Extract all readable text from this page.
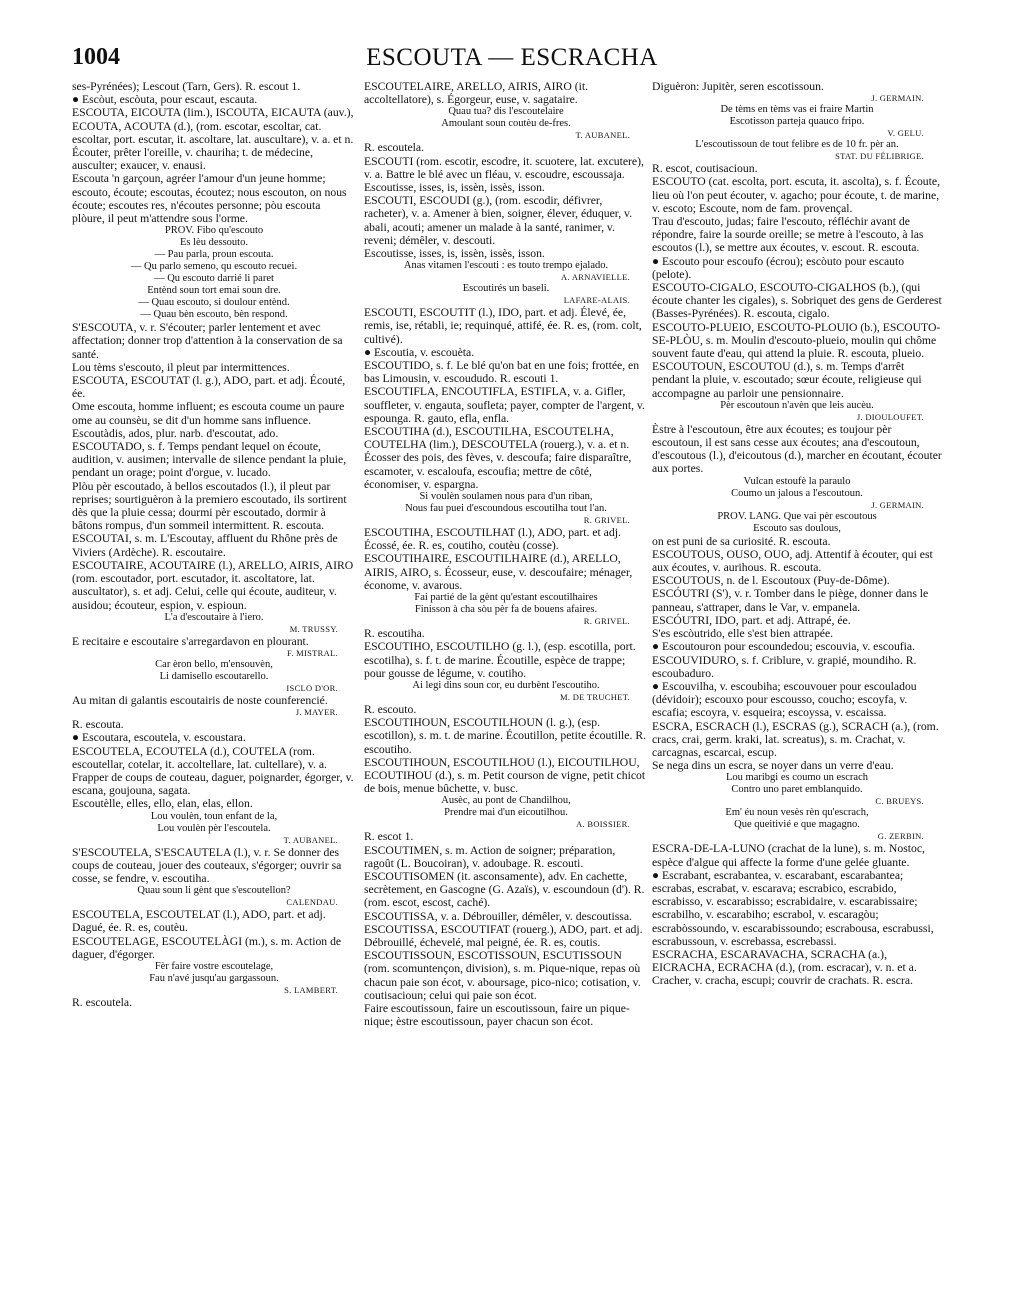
1004	ESCOUTA — ESCRACHA

ses-Pyrénées); Lescout (Tarn, Gers). R. escout 1.

● Escòut, escòuta, pour escaut, escauta.

ESCOUTA, EICOUTA (lim.), ISCOUTA, EICAUTA (auv.), ECOUTA, ACOUTA (d.), (rom. escotar, escoltar, cat. escoltar, port. escutar, it. ascoltare, lat. auscultare), v. a. et n. Écouter, prêter l'oreille, v. chauriha; t. de médecine, ausculter; exaucer, v. enausi.

Escouta 'n garçoun, agréer l'amour d'un jeune homme; escouto, écoute; escoutas, écoutez; nous escouton, on nous écoute; escoutes res, n'écoutes personne; pòu escouta plòure, il peut m'attendre sous l'orme.

PROV. Fibo qu'escouto

Es lèu dessouto.

— Pau parla, proun escouta.

— Qu parlo semeno, qu escouto recuei.

— Qu escouto darrié li paret

Entènd soun tort emai soun dre.

— Quau escouto, si doulour entènd.

— Quau bèn escouto, bèn respond.

S'ESCOUTA, v. r. S'écouter; parler lentement et avec affectation; donner trop d'attention à la conservation de sa santé.

Lou tèms s'escouto, il pleut par intermittences.

ESCOUTA, ESCOUTAT (l. g.), ADO, part. et adj. Écouté, ée.

Ome escouta, homme influent; es escouta coume un paure ome au counsèu, se dit d'un homme sans influence.

Escoutàdis, ados, plur. narb. d'escoutat, ado.

ESCOUTADO, s. f. Temps pendant lequel on écoute, audition, v. ausimen; intervalle de silence pendant la pluie, pendant un orage; point d'orgue, v. lucado.

Plòu pèr escoutado, à bellos escoutados (l.), il pleut par reprises; sourtiguèron à la premiero escoutado, ils sortirent dès que la pluie cessa; dourmi pèr escoutado, dormir à bâtons rompus, d'un sommeil intermittent. R. escouta.

ESCOUTAI, s. m. L'Escoutay, affluent du Rhône près de Viviers (Ardèche). R. escoutaire.

ESCOUTAIRE, ACOUTAIRE (l.), ARELLO, AIRIS, AIRO (rom. escoutador, port. escutador, it. ascoltatore, lat. auscultator), s. et adj. Celui, celle qui écoute, auditeur, v. ausidou; écouteur, espion, v. espioun.

L'a d'escoutaire à l'iero.

M. TRUSSY.

E recitaire e escoutaire s'arregardavon en plourant.

F. MISTRAL.

Car èron bello, m'ensouvèn,

Li damisello escoutarello.

ISCLO D'OR.

Au mitan di galantis escoutairis de noste counferencié.

J. MAYER.

R. escouta.

● Escoutara, escoutela, v. escoustara.

ESCOUTELA, ECOUTELA (d.), COUTELA (rom. escoutellar, cotelar, it. accoltellare, lat. cultellare), v. a. Frapper de coups de couteau, daguer, poignarder, égorger, v. escana, goujouna, sagata.

Escoutèlle, elles, ello, elan, elas, ellon.

Lou voulèn, toun enfant de la,

Lou voulèn pèr l'escoutela.

T. AUBANEL.

S'ESCOUTELA, S'ESCAUTELA (l.), v. r. Se donner des coups de couteau, jouer des couteaux, s'égorger; ouvrir sa cosse, se fendre, v. escoutiha.

Quau soun li gènt que s'escoutellon?

CALENDAU.

ESCOUTELA, ESCOUTELAT (l.), ADO, part. et adj. Dagué, ée. R. es, coutèu.

ESCOUTELAGE, ESCOUTELÀGI (m.), s. m. Action de daguer, d'égorger.

Fèr faire vostre escoutelage,

Fau n'avé jusqu'au gargassoun.

S. LAMBERT.

R. escoutela.

ESCOUTELAIRE, ARELLO, AIRIS, AIRO (it. accoltellatore), s. Égorgeur, euse, v. sagataire.

Quau tua? dis l'escoutelaire

Amoulant soun coutèu de-fres.

T. AUBANEL.

R. escoutela.

ESCOUTI (rom. escotir, escodre, it. scuotere, lat. excutere), v. a. Battre le blé avec un fléau, v. escoudre, escoussaja.

Escoutisse, isses, is, issèn, issès, isson.

ESCOUTI, ESCOUDI (g.), (rom. escodir, défivrer, racheter), v. a. Amener à bien, soigner, élever, éduquer, v. abali, acouti; amener un malade à la santé, ranimer, v. reveni; démêler, v. descouti.

Escoutisse, isses, is, issèn, issès, isson.

Anas vitamen l'escouti : es touto trempo ejalado.

A. ARNAVIELLE.

Escoutirés un baseli.

LAFARE-ALAIS.

ESCOUTI, ESCOUTIT (l.), IDO, part. et adj. Élevé, ée, remis, ise, rétabli, ie; requinqué, attifé, ée. R. es, (rom. colt, cultivé).

● Escoutia, v. escouèta.

ESCOUTIDO, s. f. Le blé qu'on bat en une fois; frottée, en bas Limousin, v. escoududo. R. escouti 1.

ESCOUTIFLA, ENCOUTIFLA, ESTIFLA, v. a. Gifler, souffleter, v. engauta, soufleta; payer, compter de l'argent, v. espounga. R. gauto, efla, enfla.

ESCOUTIHA (d.), ESCOUTILHA, ESCOUTELHA, COUTELHA (lim.), DESCOUTELA (rouerg.), v. a. et n. Écosser des pois, des fèves, v. descoufa; faire disparaître, escamoter, v. escaloufa, escoufia; mettre de côté, économiser, v. espargna.

Si voulèn soulamen nous para d'un riban,

Nous fau puei d'escoundous escoutilha tout l'an.

R. GRIVEL.

ESCOUTIHA, ESCOUTILHAT (l.), ADO, part. et adj. Écossé, ée. R. es, coutiho, coutèu (cosse).

ESCOUTIHAIRE, ESCOUTILHAIRE (d.), ARELLO, AIRIS, AIRO, s. Écosseur, euse, v. descoufaire; ménager, économe, v. avarous.

Fai partié de la gènt qu'estant escoutilhaires

Finisson à cha sòu pèr fa de bouens afaires.

R. GRIVEL.

R. escoutiha.

ESCOUTIHO, ESCOUTILHO (g. l.), (esp. escotilla, port. escotilha), s. f. t. de marine. Écoutille, espèce de trappe; pour gousse de légume, v. coutiho.

Ai legi dins soun cor, eu durbènt l'escoutiho.

M. DE TRUCHET.

R. escouto.

ESCOUTIHOUN, ESCOUTILHOUN (l. g.), (esp. escotillon), s. m. t. de marine. Écoutillon, petite écoutille. R. escoutiho.

ESCOUTIHOUN, ESCOUTILHOU (l.), EICOUTILHOU, ECOUTIHOU (d.), s. m. Petit courson de vigne, petit chicot de bois, menue bûchette, v. busc.

Ausèc, au pont de Chandilhou,

Prendre mai d'un eicoutilhou.

A. BOISSIER.

R. escot 1.

ESCOUTIMEN, s. m. Action de soigner; préparation, ragoût (L. Boucoiran), v. adoubage. R. escouti.

ESCOUTISOMEN (it. asconsamente), adv. En cachette, secrètement, en Gascogne (G. Azaïs), v. escoundoun (d'). R. (rom. escot, escost, caché).

ESCOUTISSA, v. a. Débrouiller, démêler, v. descoutissa.

ESCOUTISSA, ESCOUTIFAT (rouerg.), ADO, part. et adj. Débrouillé, échevelé, mal peigné, ée. R. es, coutis.

ESCOUTISSOUN, ESCOTISSOUN, ESCUTISSOUN (rom. scomuntençon, division), s. m. Pique-nique, repas où chacun paie son écot, v. aboursage, pico-nico; cotisation, v. coutisacioun; celui qui paie son écot.

Faire escoutissoun, faire un escoutissoun, faire un pique-nique; èstre escoutissoun, payer chacun son écot.

Diguèron: Jupitèr, seren escotissoun.

J. GERMAIN.

De tèms en tèms vas ei fraire Martin

Escotisson parteja quauco fripo.

V. GELU.

L'escoutissoun de tout felibre es de 10 fr. pèr an.

STAT. DU FÉLIBRIGE.

R. escot, coutisacioun.

ESCOUTO (cat. escolta, port. escuta, it. ascolta), s. f. Écoute, lieu où l'on peut écouter, v. agacho; pour écoute, t. de marine, v. escoto; Escoute, nom de fam. provençal.

Trau d'escouto, judas; faire l'escouto, réfléchir avant de répondre, faire la sourde oreille; se metre à l'escouto, à las escoutos (l.), se mettre aux écoutes, v. escout. R. escouta.

● Escouto pour escoufo (écrou); escòuto pour escauto (pelote).

ESCOUTO-CIGALO, ESCOUTO-CIGALHOS (b.), (qui écoute chanter les cigales), s. Sobriquet des gens de Gerderest (Basses-Pyrénées). R. escouta, cigalo.

ESCOUTO-PLUEIO, ESCOUTO-PLOUIO (b.), ESCOUTO-SE-PLÒU, s. m. Moulin d'escouto-plueio, moulin qui chôme souvent faute d'eau, qui attend la pluie. R. escouta, plueio.

ESCOUTOUN, ESCOUTOU (d.), s. m. Temps d'arrêt pendant la pluie, v. escoutado; sœur écoute, religieuse qui accompagne au parloir une pensionnaire.

Pèr escoutoun n'avèn que leis aucèu.

J. DIOULOUFET.

Èstre à l'escoutoun, être aux écoutes; es toujour pèr escoutoun, il est sans cesse aux écoutes; ana d'escoutoun, d'escoutous (l.), d'eicoutous (d.), marcher en écoutant, écouter aux portes.

Vulcan estoufè la paraulo

Coumo un jalous a l'escoutoun.

J. GERMAIN.

PROV. LANG. Que vai pèr escoutous

Escouto sas doulous,

on est puni de sa curiosité. R. escouta.

ESCOUTOUS, OUSO, OUO, adj. Attentif à écouter, qui est aux écoutes, v. aurihous. R. escouta.

ESCOUTOUS, n. de l. Escoutoux (Puy-de-Dôme).

ESCÓUTRI (S'), v. r. Tomber dans le piège, donner dans le panneau, s'attraper, dans le Var, v. empanela.

ESCÓUTRI, IDO, part. et adj. Attrapé, ée.

S'es escòutrido, elle s'est bien attrapée.

● Escoutouron pour escoundedou; escouvia, v. escoufia.

ESCOUVIDURO, s. f. Criblure, v. grapié, moundiho. R. escoubaduro.

● Escouvilha, v. escoubiha; escouvouer pour escouladou (dévidoir); escouxo pour escousso, coucho; escoyfa, v. escafia; escoyra, v. esqueira; escoyssa, v. escaissa.

ESCRA, ESCRACH (l.), ESCRAS (g.), SCRACH (a.), (rom. cracs, crai, germ. kraki, lat. screatus), s. m. Crachat, v. carcagnas, escarcai, escup.

Se nega dins un escra, se noyer dans un verre d'eau.

Lou maribgi es coumo un escrach

Contro uno paret emblanquido.

C. BRUEYS.

Em' éu noun vesès rèn qu'escrach,

Que queitivié e que magagno.

G. ZERBIN.

ESCRA-DE-LA-LUNO (crachat de la lune), s. m. Nostoc, espèce d'algue qui affecte la forme d'une gelée gluante.

● Escrabant, escrabantea, v. escarabant, escarabantea; escrabas, escrabat, v. escarava; escrabico, escrabido, escrabisso, v. escarabisso; escrabidaire, v. escarabissaire; escrabilho, v. escarabiho; escrabol, v. escaragòu; escrabòssoundo, v. escarabissoundo; escrabousa, escrabussi, escrabussoun, v. escrebassa, escrebassi.

ESCRACHA, ESCARAVACHA, SCRACHA (a.), EICRACHA, ECRACHA (d.), (rom. escracar), v. n. et a. Cracher, v. cracha, escupi; couvrir de crachats. R. escra.
